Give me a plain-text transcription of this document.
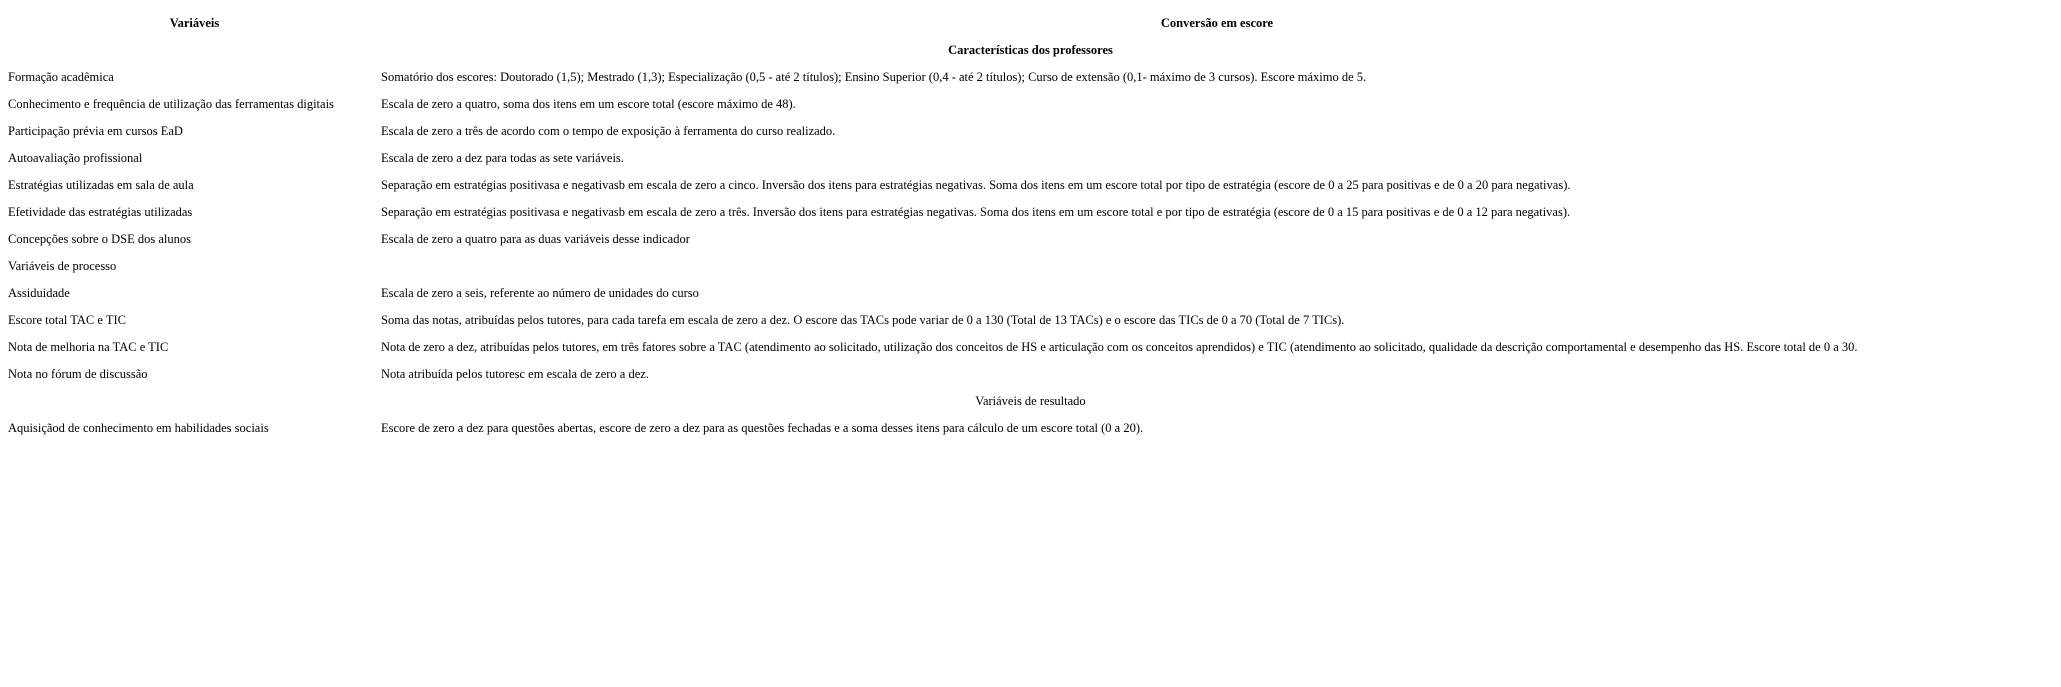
Variáveis	Conversão em escore
Características dos professores	
Formação acadêmica	Somatório dos escores: Doutorado (1,5); Mestrado (1,3); Especialização (0,5 - até 2 títulos); Ensino Superior (0,4 - até 2 títulos); Curso de extensão (0,1- máximo de 3 cursos). Escore máximo de 5.
Conhecimento e frequência de utilização das ferramentas digitais	Escala de zero a quatro, soma dos itens em um escore total (escore máximo de 48).
Participação prévia em cursos EaD	Escala de zero a três de acordo com o tempo de exposição à ferramenta do curso realizado.
Autoavaliação profissional	Escala de zero a dez para todas as sete variáveis.
Estratégias utilizadas em sala de aula	Separação em estratégias positivasa e negativasb em escala de zero a cinco. Inversão dos itens para estratégias negativas. Soma dos itens em um escore total por tipo de estratégia (escore de 0 a 25 para positivas e de 0 a 20 para negativas).
Efetividade das estratégias utilizadas	Separação em estratégias positivasa e negativasb em escala de zero a três. Inversão dos itens para estratégias negativas. Soma dos itens em um escore total e por tipo de estratégia (escore de 0 a 15 para positivas e de 0 a 12 para negativas).
Concepções sobre o DSE dos alunos	Escala de zero a quatro para as duas variáveis desse indicador
Variáveis de processo	
Assiduidade	Escala de zero a seis, referente ao número de unidades do curso
Escore total TAC e TIC	Soma das notas, atribuídas pelos tutores, para cada tarefa em escala de zero a dez. O escore das TACs pode variar de 0 a 130 (Total de 13 TACs) e o escore das TICs de 0 a 70 (Total de 7 TICs).
Nota de melhoria na TAC e TIC	Nota de zero a dez, atribuídas pelos tutores, em três fatores sobre a TAC (atendimento ao solicitado, utilização dos conceitos de HS e articulação com os conceitos aprendidos) e TIC (atendimento ao solicitado, qualidade da descrição comportamental e desempenho das HS. Escore total de 0 a 30.
Nota no fórum de discussão	Nota atribuída pelos tutoresc em escala de zero a dez.
Variáveis de resultado	
Aquisiçãod de conhecimento em habilidades sociais	Escore de zero a dez para questões abertas, escore de zero a dez para as questões fechadas e a soma desses itens para cálculo de um escore total (0 a 20).
